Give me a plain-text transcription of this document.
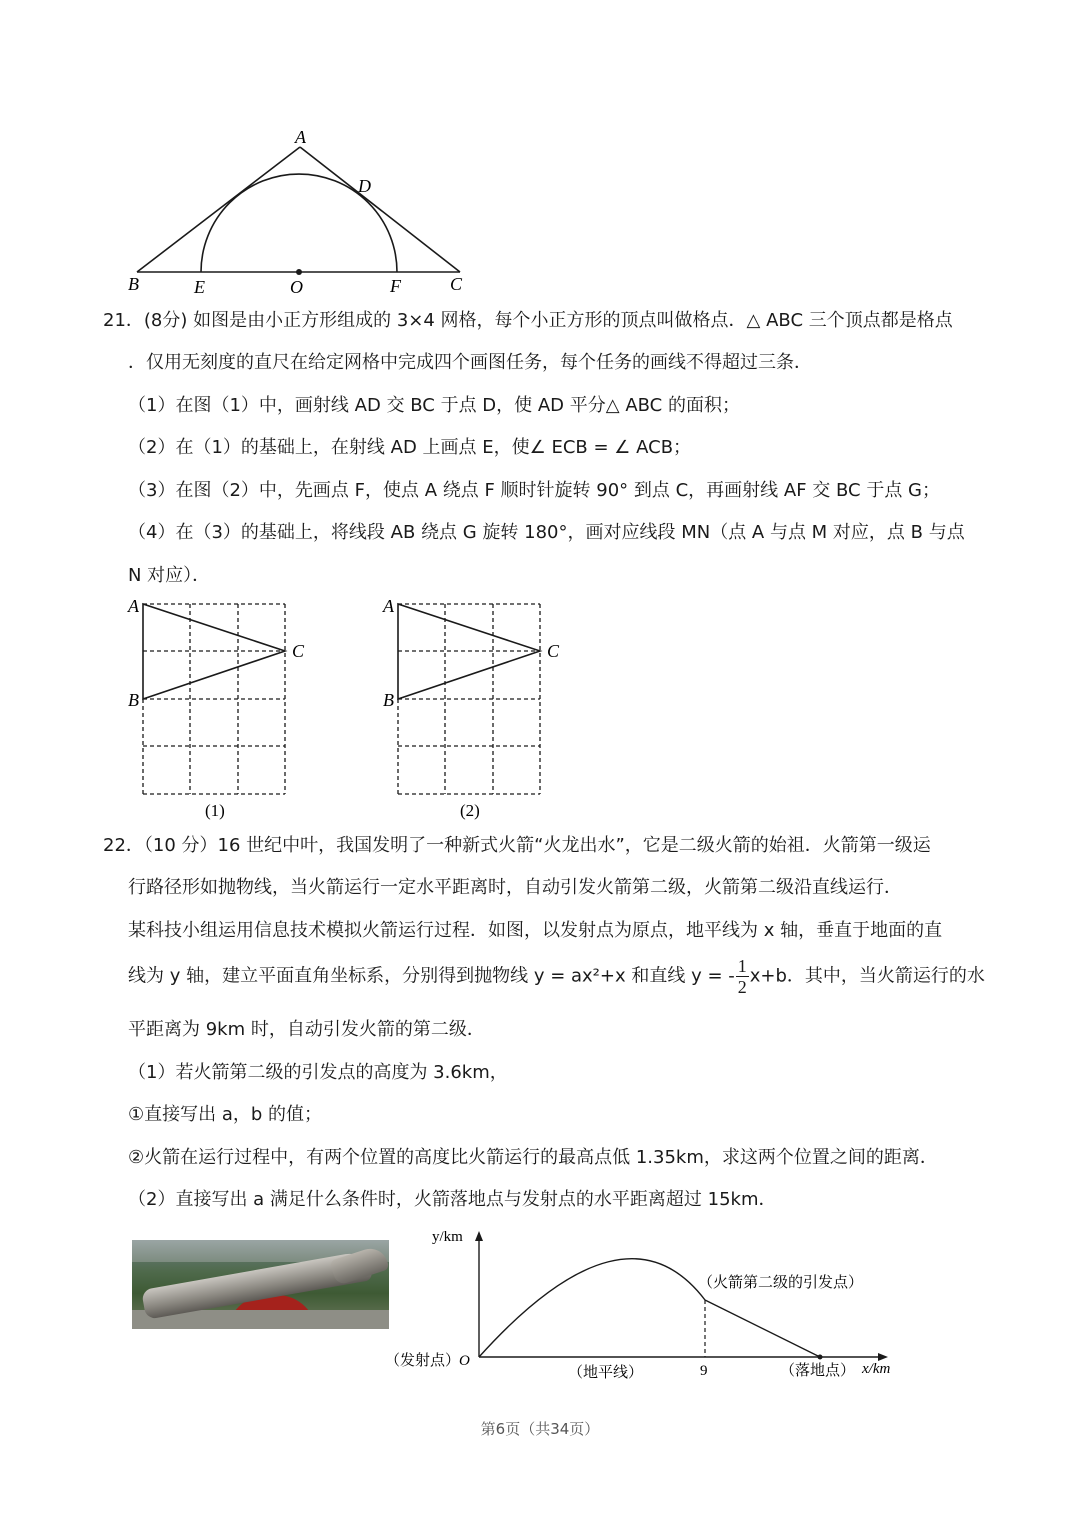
A
B	C
D
E	F
O
21．(8分) 如图是由小正方形组成的 3×4 网格，每个小正方形的顶点叫做格点．△ ABC 三个顶点都是格点
．仅用无刻度的直尺在给定网格中完成四个画图任务，每个任务的画线不得超过三条．
（1）在图（1）中，画射线 AD 交 BC 于点 D，使 AD 平分△ ABC 的面积；
（2）在（1）的基础上，在射线 AD 上画点 E，使∠ ECB = ∠ ACB；
（3）在图（2）中，先画点 F，使点 A 绕点 F 顺时针旋转 90° 到点 C，再画射线 AF 交 BC 于点 G；
（4）在（3）的基础上，将线段 AB 绕点 G 旋转 180°，画对应线段 MN（点 A 与点 M 对应，点 B 与点
N 对应）．
A
B
C
(1)
A
B
C
(2)
22．（10 分）16 世纪中叶，我国发明了一种新式火箭“火龙出水”，它是二级火箭的始祖．火箭第一级运
行路径形如抛物线，当火箭运行一定水平距离时，自动引发火箭第二级，火箭第二级沿直线运行．
某科技小组运用信息技术模拟火箭运行过程．如图，以发射点为原点，地平线为 x 轴，垂直于地面的直
线为 y 轴，建立平面直角坐标系，分别得到抛物线 y = ax²+x 和直线 y = - $\frac{1}{2} x+b$．其中，当火箭运行的水
平距离为 9km 时，自动引发火箭的第二级．
（1）若火箭第二级的引发点的高度为 3.6km，
①直接写出 a，b 的值；
②火箭在运行过程中，有两个位置的高度比火箭运行的最高点低 1.35km，求这两个位置之间的距离．
（2）直接写出 a 满足什么条件时，火箭落地点与发射点的水平距离超过 15km．
y/km
x/km
O
（发射点）
（地平线）	9	（落地点）
（火箭第二级的引发点）
第6页（共34页）
